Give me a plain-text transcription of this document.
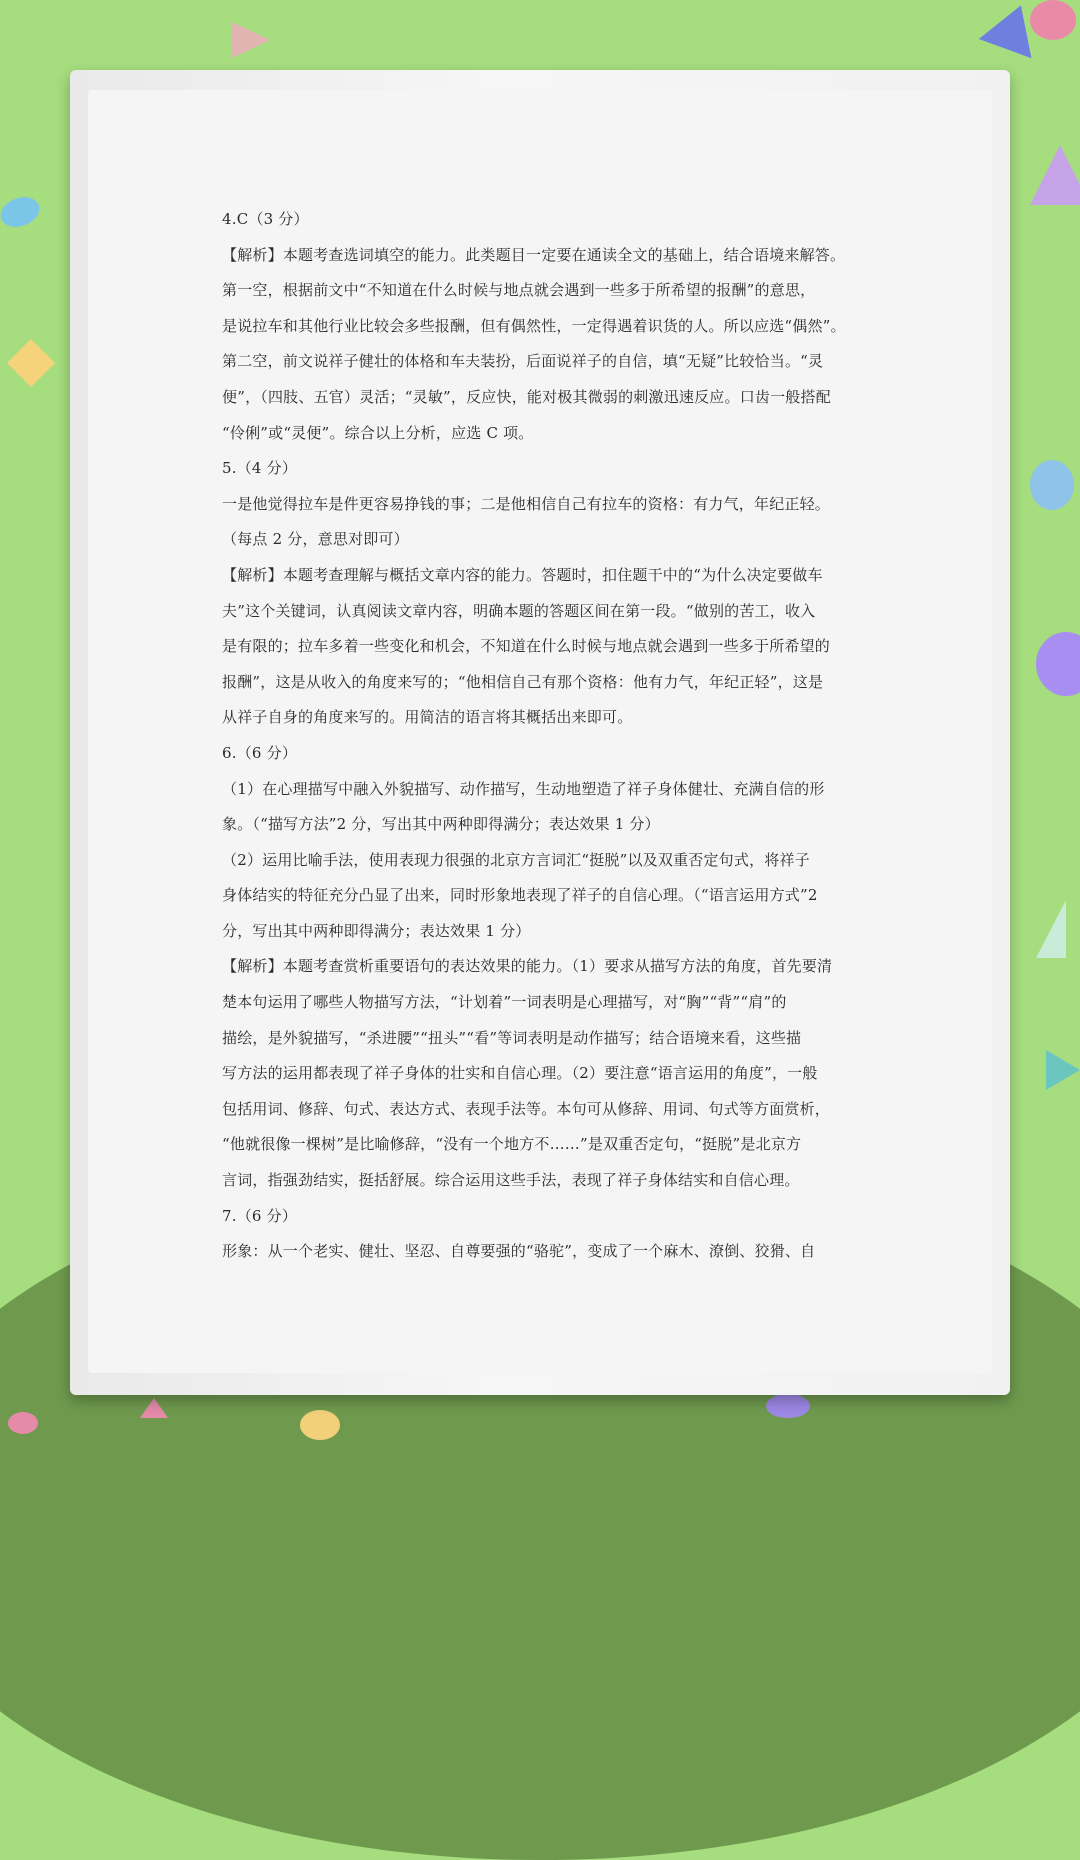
4.C（3 分）
【解析】本题考查选词填空的能力。此类题目一定要在通读全文的基础上，结合语境来解答。
第一空，根据前文中“不知道在什么时候与地点就会遇到一些多于所希望的报酬”的意思，
是说拉车和其他行业比较会多些报酬，但有偶然性，一定得遇着识货的人。所以应选“偶然”。
第二空，前文说祥子健壮的体格和车夫装扮，后面说祥子的自信，填“无疑”比较恰当。“灵
便”，（四肢、五官）灵活；“灵敏”，反应快，能对极其微弱的刺激迅速反应。口齿一般搭配
“伶俐”或“灵便”。综合以上分析，应选 C 项。
5.（4 分）
一是他觉得拉车是件更容易挣钱的事；二是他相信自己有拉车的资格：有力气，年纪正轻。
（每点 2 分，意思对即可）
【解析】本题考查理解与概括文章内容的能力。答题时，扣住题干中的“为什么决定要做车
夫”这个关键词，认真阅读文章内容，明确本题的答题区间在第一段。“做别的苦工，收入
是有限的；拉车多着一些变化和机会，不知道在什么时候与地点就会遇到一些多于所希望的
报酬”，这是从收入的角度来写的；“他相信自己有那个资格：他有力气，年纪正轻”，这是
从祥子自身的角度来写的。用简洁的语言将其概括出来即可。
6.（6 分）
（1）在心理描写中融入外貌描写、动作描写，生动地塑造了祥子身体健壮、充满自信的形
象。（“描写方法”2 分，写出其中两种即得满分；表达效果 1 分）
（2）运用比喻手法，使用表现力很强的北京方言词汇“挺脱”以及双重否定句式，将祥子
身体结实的特征充分凸显了出来，同时形象地表现了祥子的自信心理。（“语言运用方式”2
分，写出其中两种即得满分；表达效果 1 分）
【解析】本题考查赏析重要语句的表达效果的能力。（1）要求从描写方法的角度，首先要清
楚本句运用了哪些人物描写方法，“计划着”一词表明是心理描写，对“胸”“背”“肩”的
描绘，是外貌描写，“杀进腰”“扭头”“看”等词表明是动作描写；结合语境来看，这些描
写方法的运用都表现了祥子身体的壮实和自信心理。（2）要注意“语言运用的角度”，一般
包括用词、修辞、句式、表达方式、表现手法等。本句可从修辞、用词、句式等方面赏析，
“他就很像一棵树”是比喻修辞，“没有一个地方不……”是双重否定句，“挺脱”是北京方
言词，指强劲结实，挺括舒展。综合运用这些手法，表现了祥子身体结实和自信心理。
7.（6 分）
形象：从一个老实、健壮、坚忍、自尊要强的“骆驼”，变成了一个麻木、潦倒、狡猾、自
